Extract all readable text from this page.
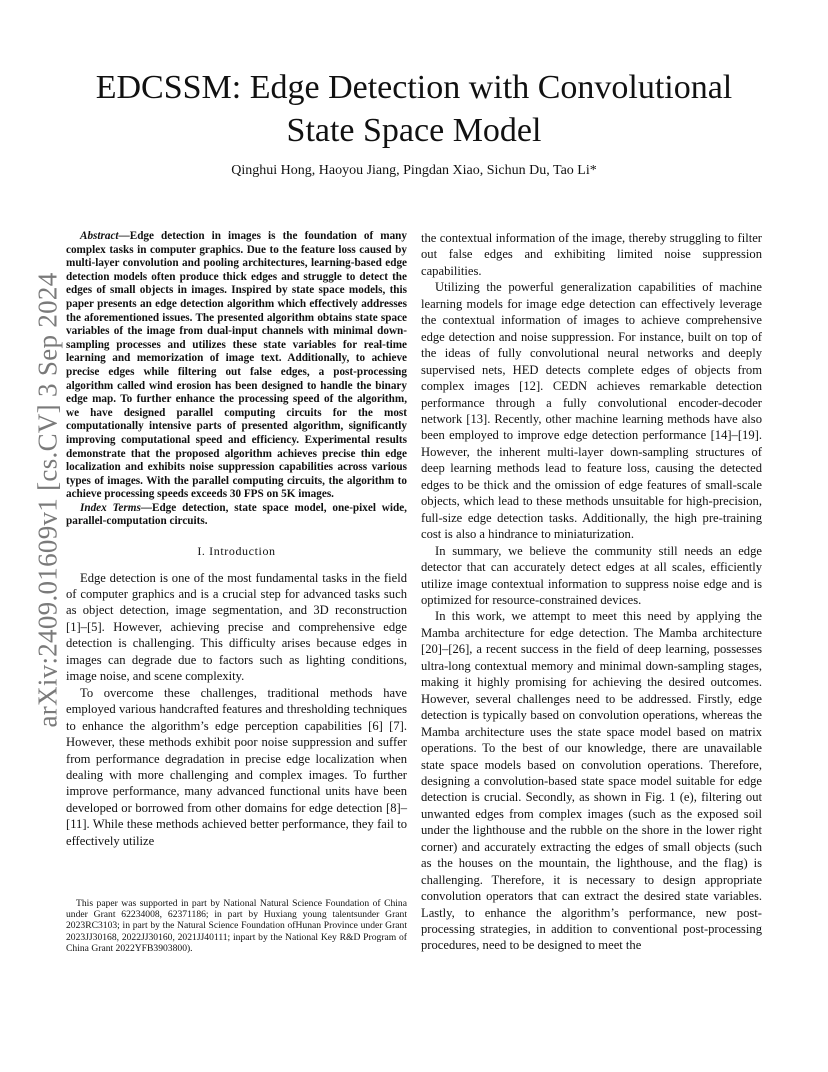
arXiv:2409.01609v1 [cs.CV] 3 Sep 2024
EDCSSM: Edge Detection with Convolutional State Space Model
Qinghui Hong, Haoyou Jiang, Pingdan Xiao, Sichun Du, Tao Li*

Abstract—Edge detection in images is the foundation of many complex tasks in computer graphics. Due to the feature loss caused by multi-layer convolution and pooling architectures, learning-based edge detection models often produce thick edges and struggle to detect the edges of small objects in images. Inspired by state space models, this paper presents an edge detection algorithm which effectively addresses the aforementioned issues. The presented algorithm obtains state space variables of the image from dual-input channels with minimal down-sampling processes and utilizes these state variables for real-time learning and memorization of image text. Additionally, to achieve precise edges while filtering out false edges, a post-processing algorithm called wind erosion has been designed to handle the binary edge map. To further enhance the processing speed of the algorithm, we have designed parallel computing circuits for the most computationally intensive parts of presented algorithm, significantly improving computational speed and efficiency. Experimental results demonstrate that the proposed algorithm achieves precise thin edge localization and exhibits noise suppression capabilities across various types of images. With the parallel computing circuits, the algorithm to achieve processing speeds exceeds 30 FPS on 5K images.

Index Terms—Edge detection, state space model, one-pixel wide, parallel-computation circuits.

I. Introduction

Edge detection is one of the most fundamental tasks in the field of computer graphics and is a crucial step for advanced tasks such as object detection, image segmentation, and 3D reconstruction [1]–[5]. However, achieving precise and comprehensive edge detection is challenging. This difficulty arises because edges in images can degrade due to factors such as lighting conditions, image noise, and scene complexity.

To overcome these challenges, traditional methods have employed various handcrafted features and thresholding techniques to enhance the algorithm’s edge perception capabilities [6] [7]. However, these methods exhibit poor noise suppression and suffer from performance degradation in precise edge localization when dealing with more challenging and complex images. To further improve performance, many advanced functional units have been developed or borrowed from other domains for edge detection [8]–[11]. While these methods achieved better performance, they fail to effectively utilize

This paper was supported in part by National Natural Science Foundation of China under Grant 62234008, 62371186; in part by Huxiang young talentsunder Grant 2023RC3103; in part by the Natural Science Foundation ofHunan Province under Grant 2023JJ30168, 2022JJ30160, 2021JJ40111; inpart by the National Key R&D Program of China Grant 2022YFB3903800).

the contextual information of the image, thereby struggling to filter out false edges and exhibiting limited noise suppression capabilities.

Utilizing the powerful generalization capabilities of machine learning models for image edge detection can effectively leverage the contextual information of images to achieve comprehensive edge detection and noise suppression. For instance, built on top of the ideas of fully convolutional neural networks and deeply supervised nets, HED detects complete edges of objects from complex images [12]. CEDN achieves remarkable detection performance through a fully convolutional encoder-decoder network [13]. Recently, other machine learning methods have also been employed to improve edge detection performance [14]–[19]. However, the inherent multi-layer down-sampling structures of deep learning methods lead to feature loss, causing the detected edges to be thick and the omission of edge features of small-scale objects, which lead to these methods unsuitable for high-precision, full-size edge detection tasks. Additionally, the high pre-training cost is also a hindrance to miniaturization.

In summary, we believe the community still needs an edge detector that can accurately detect edges at all scales, efficiently utilize image contextual information to suppress noise edge and is optimized for resource-constrained devices.

In this work, we attempt to meet this need by applying the Mamba architecture for edge detection. The Mamba architecture [20]–[26], a recent success in the field of deep learning, possesses ultra-long contextual memory and minimal down-sampling stages, making it highly promising for achieving the desired outcomes. However, several challenges need to be addressed. Firstly, edge detection is typically based on convolution operations, whereas the Mamba architecture uses the state space model based on matrix operations. To the best of our knowledge, there are unavailable state space models based on convolution operations. Therefore, designing a convolution-based state space model suitable for edge detection is crucial. Secondly, as shown in Fig. 1 (e), filtering out unwanted edges from complex images (such as the exposed soil under the lighthouse and the rubble on the shore in the lower right corner) and accurately extracting the edges of small objects (such as the houses on the mountain, the lighthouse, and the flag) is challenging. Therefore, it is necessary to design appropriate convolution operators that can extract the desired state variables. Lastly, to enhance the algorithm’s performance, new post-processing strategies, in addition to conventional post-processing procedures, need to be designed to meet the
